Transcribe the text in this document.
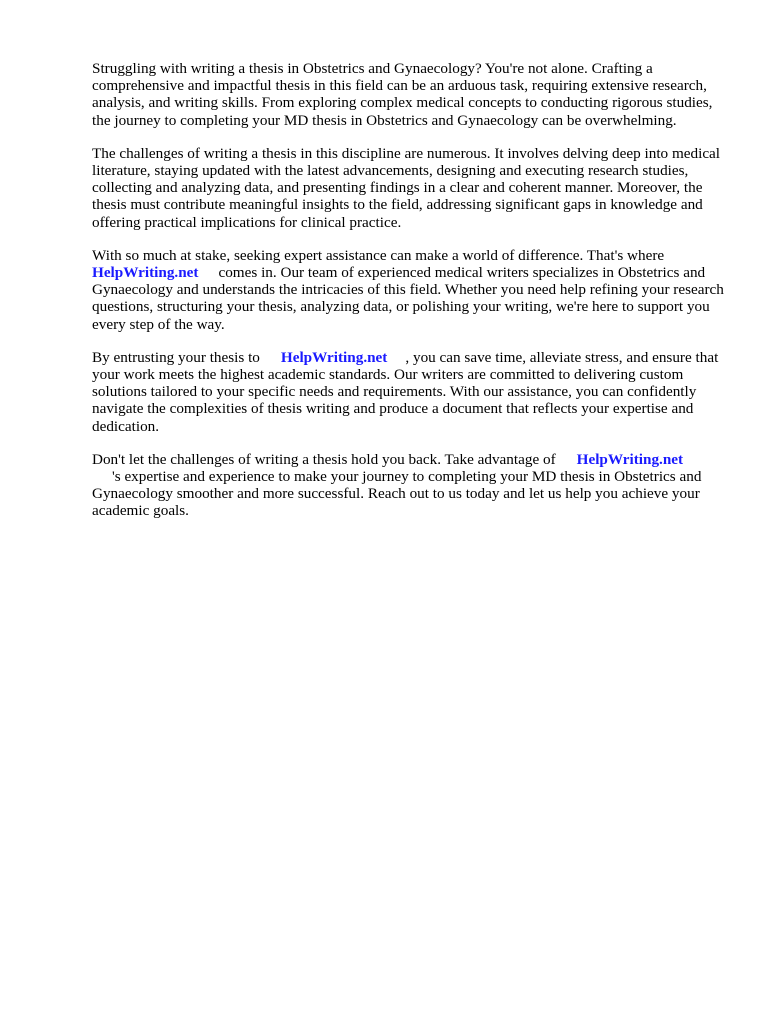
Struggling with writing a thesis in Obstetrics and Gynaecology? You're not alone. Crafting a comprehensive and impactful thesis in this field can be an arduous task, requiring extensive research, analysis, and writing skills. From exploring complex medical concepts to conducting rigorous studies, the journey to completing your MD thesis in Obstetrics and Gynaecology can be overwhelming.

The challenges of writing a thesis in this discipline are numerous. It involves delving deep into medical literature, staying updated with the latest advancements, designing and executing research studies, collecting and analyzing data, and presenting findings in a clear and coherent manner. Moreover, the thesis must contribute meaningful insights to the field, addressing significant gaps in knowledge and offering practical implications for clinical practice.

With so much at stake, seeking expert assistance can make a world of difference. That's where
HelpWriting.net comes in. Our team of experienced medical writers specializes in Obstetrics and Gynaecology and understands the intricacies of this field. Whether you need help refining your research questions, structuring your thesis, analyzing data, or polishing your writing, we're here to support you every step of the way.

By entrusting your thesis to HelpWriting.net , you can save time, alleviate stress, and ensure that your work meets the highest academic standards. Our writers are committed to delivering custom solutions tailored to your specific needs and requirements. With our assistance, you can confidently navigate the complexities of thesis writing and produce a document that reflects your expertise and dedication.

Don't let the challenges of writing a thesis hold you back. Take advantage of HelpWriting.net
's expertise and experience to make your journey to completing your MD thesis in Obstetrics and Gynaecology smoother and more successful. Reach out to us today and let us help you achieve your academic goals.
